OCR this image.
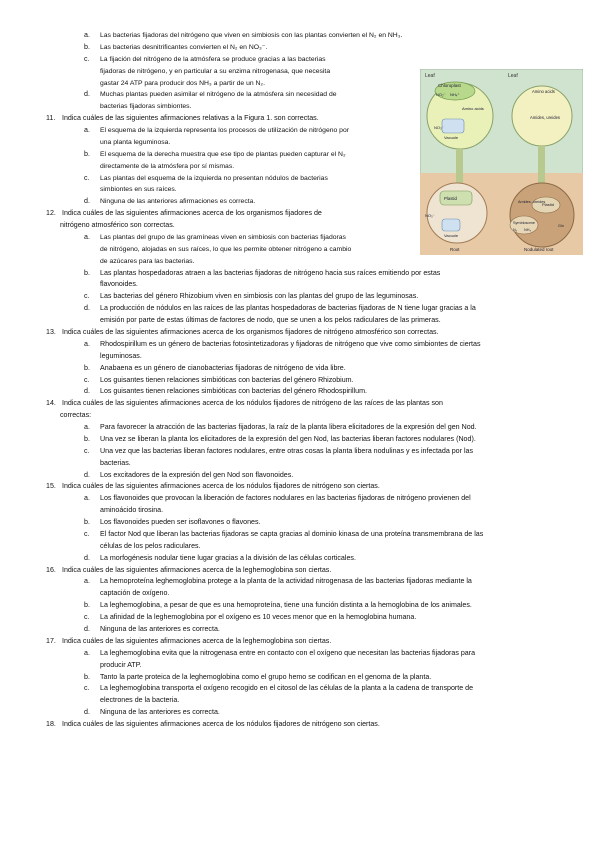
a. Las bacterias fijadoras del nitrógeno que viven en simbiosis con las plantas convierten el N₂ en NH₃.
b. Las bacterias desnitrificantes convierten el N₂ en NO₃⁻.
c. La fijación del nitrógeno de la atmósfera se produce gracias a las bacterias
fijadoras de nitrógeno, y en particular a su enzima nitrogenasa, que necesita
gastar 24 ATP para producir dos NH₃ a partir de un N₂.
d. Muchas plantas pueden asimilar el nitrógeno de la atmósfera sin necesidad de
bacterias fijadoras simbiontes.
11. Indica cuáles de las siguientes afirmaciones relativas a la Figura 1. son correctas.
a. El esquema de la izquierda representa los procesos de utilización de nitrógeno por
una planta leguminosa.
b. El esquema de la derecha muestra que ese tipo de plantas pueden capturar el N₂
directamente de la atmósfera por sí mismas.
c. Las plantas del esquema de la izquierda no presentan nódulos de bacterias
simbiontes en sus raíces.
d. Ninguna de las anteriores afirmaciones es correcta.
12. Indica cuáles de las siguientes afirmaciones acerca de los organismos fijadores de
nitrógeno atmosférico son correctas.
a. Las plantas del grupo de las gramíneas viven en simbiosis con bacterias fijadoras
de nitrógeno, alojadas en sus raíces, lo que les permite obtener nitrógeno a cambio
de azúcares para las bacterias.
b. Las plantas hospedadoras atraen a las bacterias fijadoras de nitrógeno hacia sus raíces emitiendo por estas
flavonoides.
c. Las bacterias del género Rhizobium viven en simbiosis con las plantas del grupo de las leguminosas.
d. La producción de nódulos en las raíces de las plantas hospedadoras de bacterias fijadoras de N tiene lugar gracias a la
emisión por parte de estas últimas de factores de nodo, que se unen a los pelos radiculares de las primeras.
13. Indica cuáles de las siguientes afirmaciones acerca de los organismos fijadores de nitrógeno atmosférico son correctas.
a. Rhodospirillum es un género de bacterias fotosintetizadoras y fijadoras de nitrógeno que vive como simbiontes de ciertas
leguminosas.
b. Anabaena es un género de cianobacterias fijadoras de nitrógeno de vida libre.
c. Los guisantes tienen relaciones simbióticas con bacterias del género Rhizobium.
d. Los guisantes tienen relaciones simbióticas con bacterias del género Rhodospirillum.
14. Indica cuáles de las siguientes afirmaciones acerca de los nódulos fijadores de nitrógeno de las raíces de las plantas son
correctas:
a. Para favorecer la atracción de las bacterias fijadoras, la raíz de la planta libera elicitadores de la expresión del gen Nod.
b. Una vez se liberan la planta los elicitadores de la expresión del gen Nod, las bacterias liberan factores nodulares (Nod).
c. Una vez que las bacterias liberan factores nodulares, entre otras cosas la planta libera nodulinas y es infectada por las
bacterias.
d. Los excitadores de la expresión del gen Nod son flavonoides.
15. Indica cuáles de las siguientes afirmaciones acerca de los nódulos fijadores de nitrógeno son ciertas.
a. Los flavonoides que provocan la liberación de factores nodulares en las bacterias fijadoras de nitrógeno provienen del
aminoácido tirosina.
b. Los flavonoides pueden ser isoflavones o flavones.
c. El factor Nod que liberan las bacterias fijadoras se capta gracias al dominio kinasa de una proteína transmembrana de las
células de los pelos radiculares.
d. La morfogénesis nodular tiene lugar gracias a la división de las células corticales.
16. Indica cuáles de las siguientes afirmaciones acerca de la leghemoglobina son ciertas.
a. La hemoproteína leghemoglobina protege a la planta de la actividad nitrogenasa de las bacterias fijadoras mediante la
captación de oxígeno.
b. La leghemoglobina, a pesar de que es una hemoproteína, tiene una función distinta a la hemoglobina de los animales.
c. La afinidad de la leghemoglobina por el oxígeno es 10 veces menor que en la hemoglobina humana.
d. Ninguna de las anteriores es correcta.
17. Indica cuáles de las siguientes afirmaciones acerca de la leghemoglobina son ciertas.
a. La leghemoglobina evita que la nitrogenasa entre en contacto con el oxígeno que necesitan las bacterias fijadoras para
producir ATP.
b. Tanto la parte proteica de la leghemoglobina como el grupo hemo se codifican en el genoma de la planta.
c. La leghemoglobina transporta el oxígeno recogido en el citosol de las células de la planta a la cadena de transporte de
electrones de la bacteria.
d. Ninguna de las anteriores es correcta.
18. Indica cuáles de las siguientes afirmaciones acerca de los nódulos fijadores de nitrógeno son ciertas.
Leaf	Leaf
Chloroplast
NO₂⁻ NH₄⁺
Amino acids
Vacuole
NO₃⁻
Amino acids
Amides, ureides
Plastid
NO₃⁻
Vacuole
Root
Plastid
Amides, ureides
Symbiosome
N₂ NH₃
Gln
Nodulated root
